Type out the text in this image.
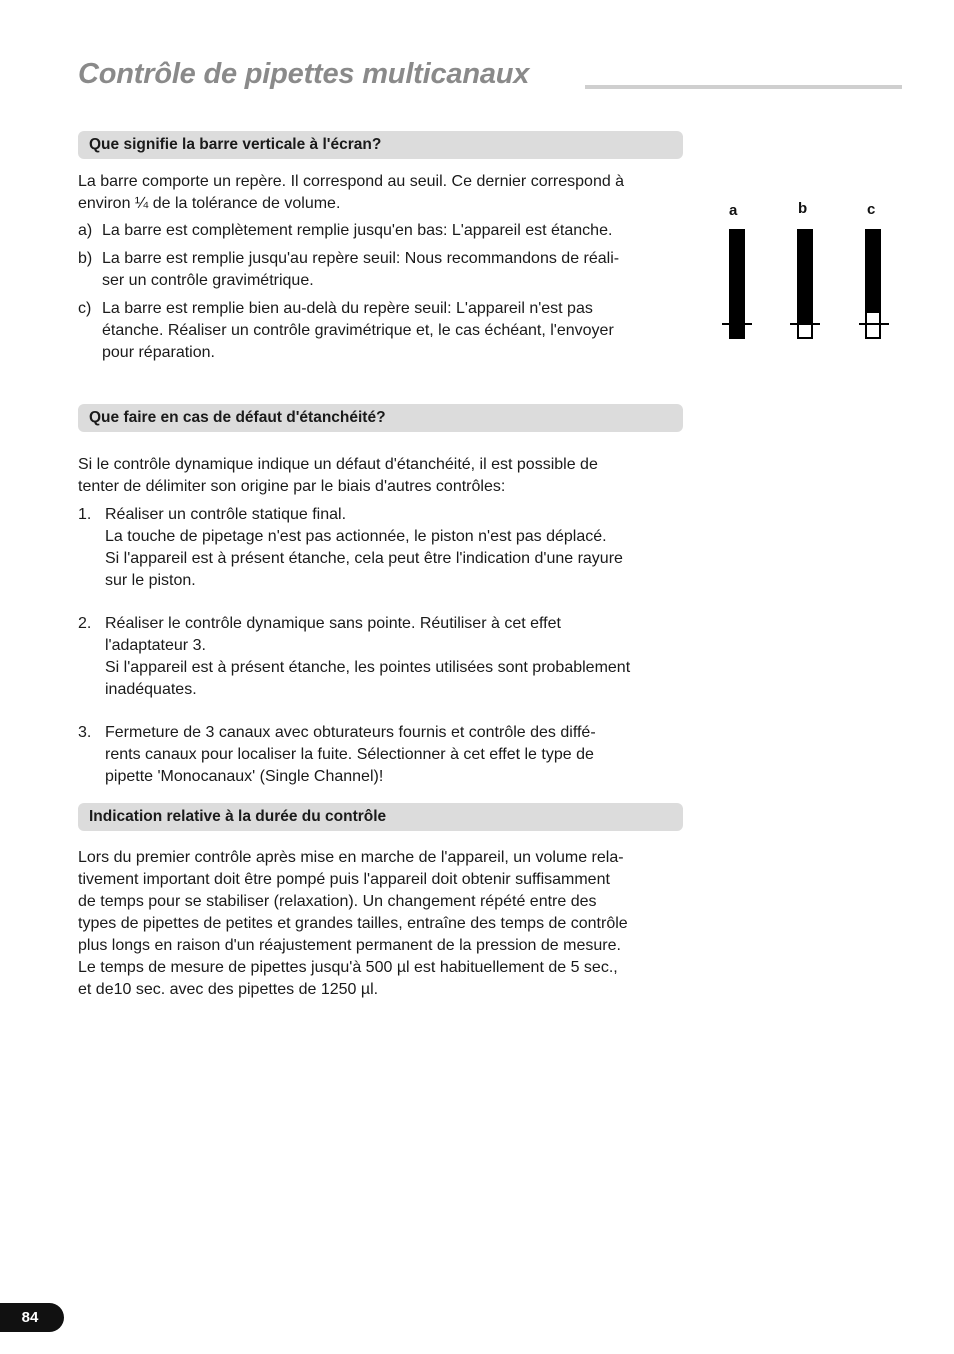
Contrôle de pipettes multicanaux
Que signifie la barre verticale à l'écran?
La barre comporte un repère. Il correspond au seuil. Ce dernier correspond à
environ ¼ de la tolérance de volume.
a) La barre est complètement remplie jusqu'en bas: L'appareil est étanche.
b) La barre est remplie jusqu'au repère seuil: Nous recommandons de réali-
ser un contrôle gravimétrique.
c) La barre est remplie bien au-delà du repère seuil: L'appareil n'est pas
étanche. Réaliser un contrôle gravimétrique et, le cas échéant, l'envoyer
pour réparation.
a	b	c
Que faire en cas de défaut d'étanchéité?
Si le contrôle dynamique indique un défaut d'étanchéité, il est possible de
tenter de délimiter son origine par le biais d'autres contrôles:
1. Réaliser un contrôle statique final.
La touche de pipetage n'est pas actionnée, le piston n'est pas déplacé.
Si l'appareil est à présent étanche, cela peut être l'indication d'une rayure
sur le piston.
2. Réaliser le contrôle dynamique sans pointe. Réutiliser à cet effet
l'adaptateur 3.
Si l'appareil est à présent étanche, les pointes utilisées sont probablement
inadéquates.
3. Fermeture de 3 canaux avec obturateurs fournis et contrôle des diffé-
rents canaux pour localiser la fuite. Sélectionner à cet effet le type de
pipette 'Monocanaux' (Single Channel)!
Indication relative à la durée du contrôle
Lors du premier contrôle après mise en marche de l'appareil, un volume rela-
tivement important doit être pompé puis l'appareil doit obtenir suffisamment
de temps pour se stabiliser (relaxation). Un changement répété entre des
types de pipettes de petites et grandes tailles, entraîne des temps de contrôle
plus longs en raison d'un réajustement permanent de la pression de mesure.
Le temps de mesure de pipettes jusqu'à 500 µl est habituellement de 5 sec.,
et de10 sec. avec des pipettes de 1250 µl.
84
